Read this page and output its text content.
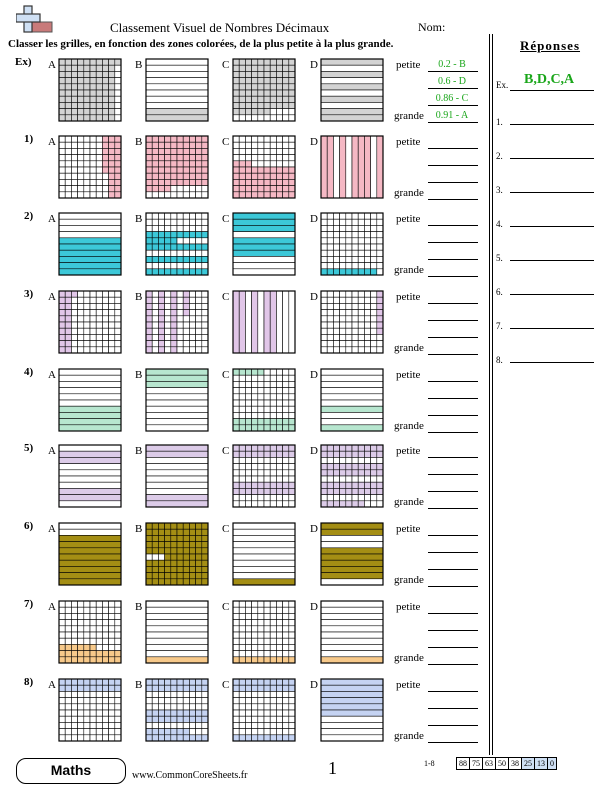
Classement Visuel de Nombres Décimaux	Nom:
Classer les grilles, en fonction des zones colorées, de la plus petite à la plus grande.	Réponses
Ex. B,D,C,A
1.
2.
3.
4.
5.
6.
7.
8.
Ex) A	B	C	D	petite
grande
0.2 - B
0.6 - D
0.86 - C
0.91 - A
1) A	B	C	D	petite
grande
2) A	B	C	D	petite
grande
3) A	B	C	D	petite
grande
4) A	B	C	D	petite
grande
5) A	B	C	D	petite
grande
6) A	B	C	D	petite
grande
7) A	B	C	D	petite
grande
8) A	B	C	D	petite
grande
Maths	www.CommonCoreSheets.fr	1	1-8	88 75 63 50 38 25 13 0
